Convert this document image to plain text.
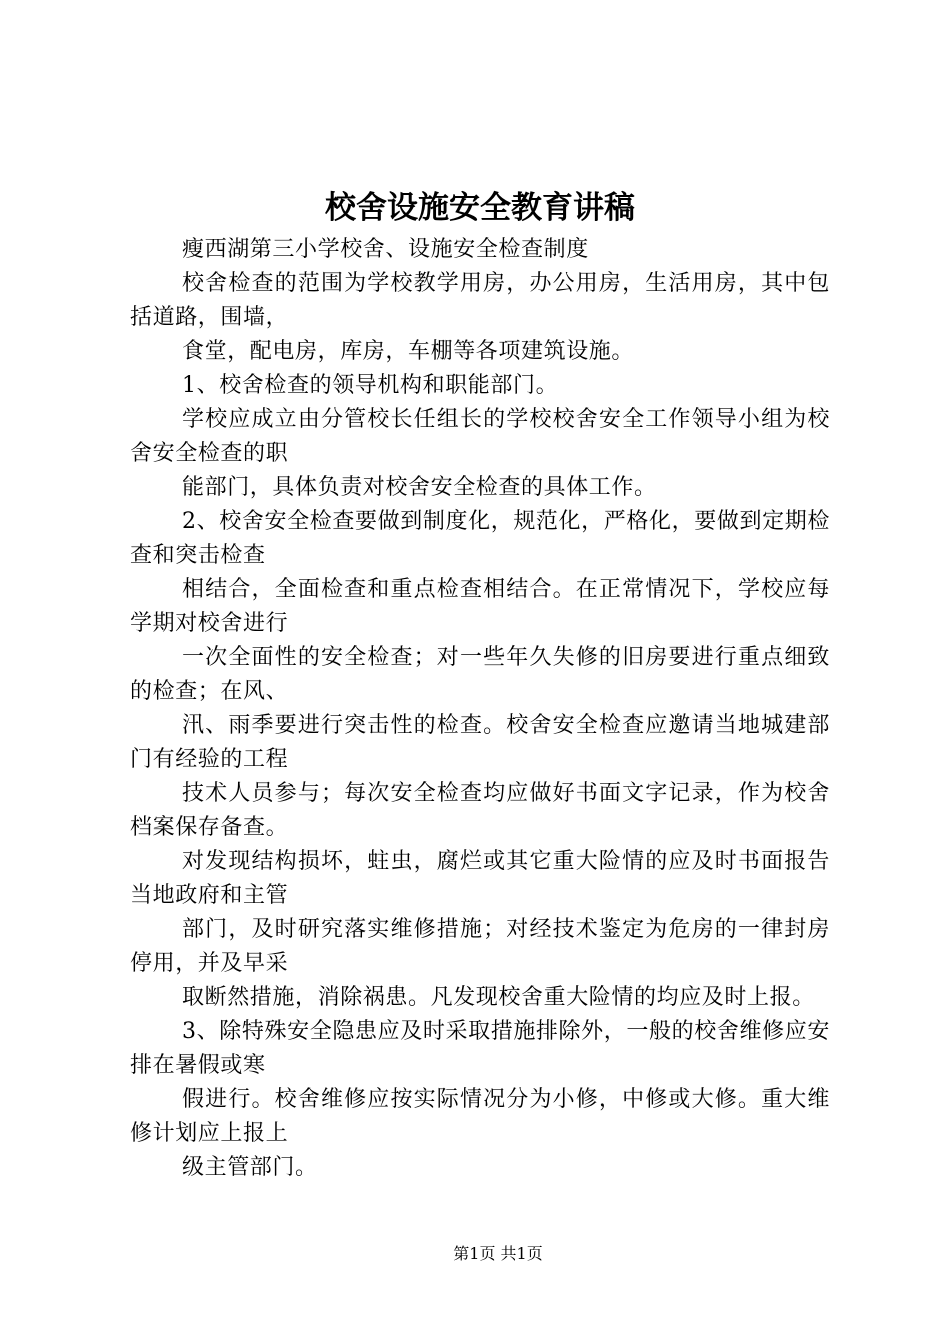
校舍设施安全教育讲稿

瘦西湖第三小学校舍、设施安全检查制度

校舍检查的范围为学校教学用房，办公用房，生活用房，其中包括道路，围墙，

食堂，配电房，库房，车棚等各项建筑设施。

1、校舍检查的领导机构和职能部门。

学校应成立由分管校长任组长的学校校舍安全工作领导小组为校舍安全检查的职

能部门，具体负责对校舍安全检查的具体工作。

2、校舍安全检查要做到制度化，规范化，严格化，要做到定期检查和突击检查

相结合，全面检查和重点检查相结合。在正常情况下，学校应每学期对校舍进行

一次全面性的安全检查；对一些年久失修的旧房要进行重点细致的检查；在风、

汛、雨季要进行突击性的检查。校舍安全检查应邀请当地城建部门有经验的工程

技术人员参与；每次安全检查均应做好书面文字记录，作为校舍档案保存备查。

对发现结构损坏，蛀虫，腐烂或其它重大险情的应及时书面报告当地政府和主管

部门，及时研究落实维修措施；对经技术鉴定为危房的一律封房停用，并及早采

取断然措施，消除祸患。凡发现校舍重大险情的均应及时上报。

3、除特殊安全隐患应及时采取措施排除外，一般的校舍维修应安排在暑假或寒

假进行。校舍维修应按实际情况分为小修，中修或大修。重大维修计划应上报上

级主管部门。

第1页 共1页
